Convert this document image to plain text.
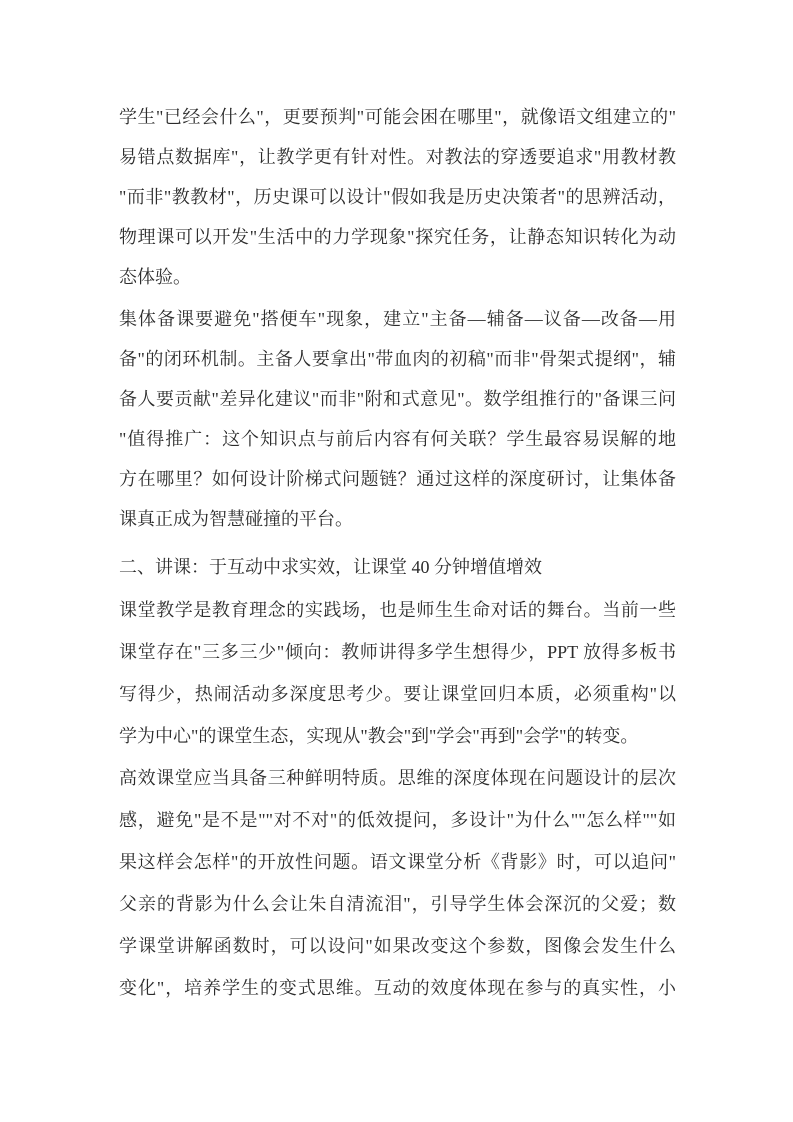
学生"已经会什么"，更要预判"可能会困在哪里"，就像语文组建立的"
易错点数据库"，让教学更有针对性。对教法的穿透要追求"用教材教
"而非"教教材"，历史课可以设计"假如我是历史决策者"的思辨活动，
物理课可以开发"生活中的力学现象"探究任务，让静态知识转化为动
态体验。
集体备课要避免"搭便车"现象，建立"主备—辅备—议备—改备—用
备"的闭环机制。主备人要拿出"带血肉的初稿"而非"骨架式提纲"，辅
备人要贡献"差异化建议"而非"附和式意见"。数学组推行的"备课三问
"值得推广：这个知识点与前后内容有何关联？学生最容易误解的地
方在哪里？如何设计阶梯式问题链？通过这样的深度研讨，让集体备
课真正成为智慧碰撞的平台。
二、讲课：于互动中求实效，让课堂 40 分钟增值增效
课堂教学是教育理念的实践场，也是师生生命对话的舞台。当前一些
课堂存在"三多三少"倾向：教师讲得多学生想得少，PPT 放得多板书
写得少，热闹活动多深度思考少。要让课堂回归本质，必须重构"以
学为中心"的课堂生态，实现从"教会"到"学会"再到"会学"的转变。
高效课堂应当具备三种鲜明特质。思维的深度体现在问题设计的层次
感，避免"是不是""对不对"的低效提问，多设计"为什么""怎么样""如
果这样会怎样"的开放性问题。语文课堂分析《背影》时，可以追问"
父亲的背影为什么会让朱自清流泪"，引导学生体会深沉的父爱；数
学课堂讲解函数时，可以设问"如果改变这个参数，图像会发生什么
变化"，培养学生的变式思维。互动的效度体现在参与的真实性，小
